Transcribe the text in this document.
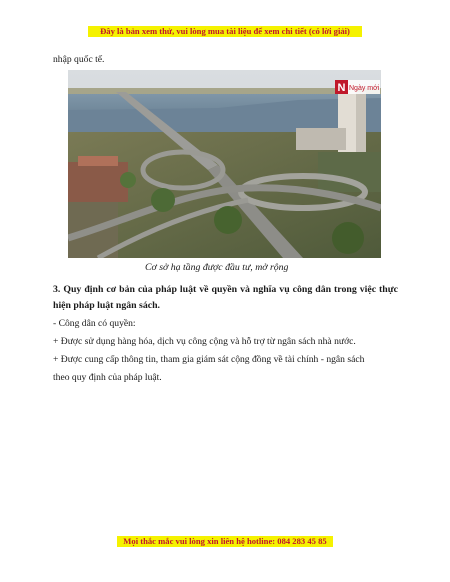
Đây là bản xem thử, vui lòng mua tài liệu để xem chi tiết (có lời giải)
nhập quốc tế.
N Ngày mới
Cơ sở hạ tầng được đầu tư, mở rộng
3. Quy định cơ bản của pháp luật về quyền và nghĩa vụ công dân trong việc thực hiện pháp luật ngân sách.
- Công dân có quyền:
+ Được sử dụng hàng hóa, dịch vụ công cộng và hỗ trợ từ ngân sách nhà nước.
+ Được cung cấp thông tin, tham gia giám sát cộng đồng về tài chính - ngân sách
theo quy định của pháp luật.
Mọi thắc mắc vui lòng xin liên hệ hotline: 084 283 45 85
